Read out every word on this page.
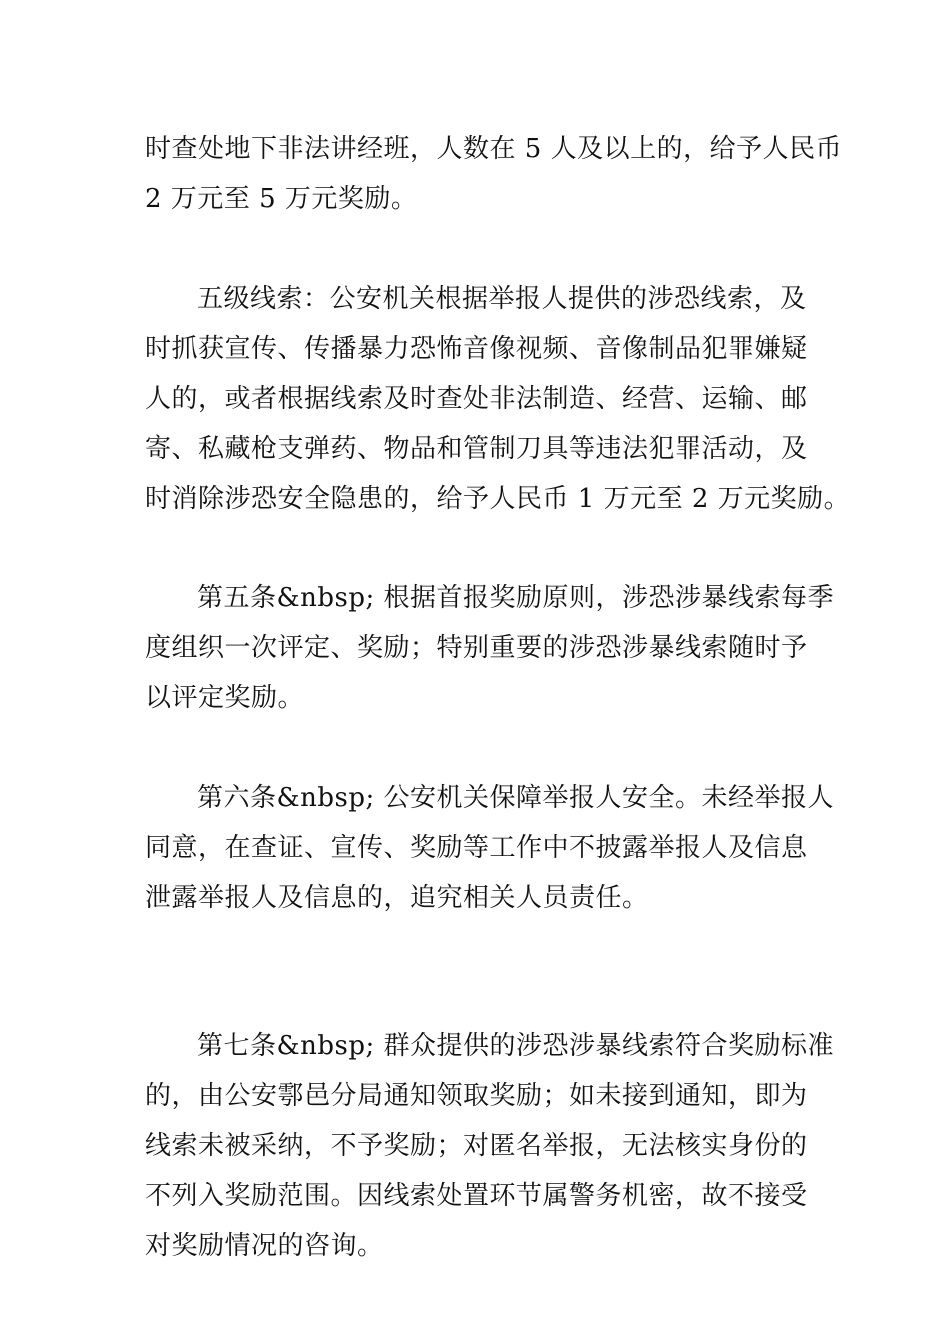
时查处地下非法讲经班，人数在 5 人及以上的，给予人民币
2 万元至 5 万元奖励。

五级线索：公安机关根据举报人提供的涉恐线索，及
时抓获宣传、传播暴力恐怖音像视频、音像制品犯罪嫌疑
人的，或者根据线索及时查处非法制造、经营、运输、邮
寄、私藏枪支弹药、物品和管制刀具等违法犯罪活动，及
时消除涉恐安全隐患的，给予人民币 1 万元至 2 万元奖励。

第五条&nbsp; 根据首报奖励原则，涉恐涉暴线索每季
度组织一次评定、奖励；特别重要的涉恐涉暴线索随时予
以评定奖励。

第六条&nbsp; 公安机关保障举报人安全。未经举报人
同意，在查证、宣传、奖励等工作中不披露举报人及信息
泄露举报人及信息的，追究相关人员责任。

第七条&nbsp; 群众提供的涉恐涉暴线索符合奖励标准
的，由公安鄠邑分局通知领取奖励；如未接到通知，即为
线索未被采纳，不予奖励；对匿名举报，无法核实身份的
不列入奖励范围。因线索处置环节属警务机密，故不接受
对奖励情况的咨询。
